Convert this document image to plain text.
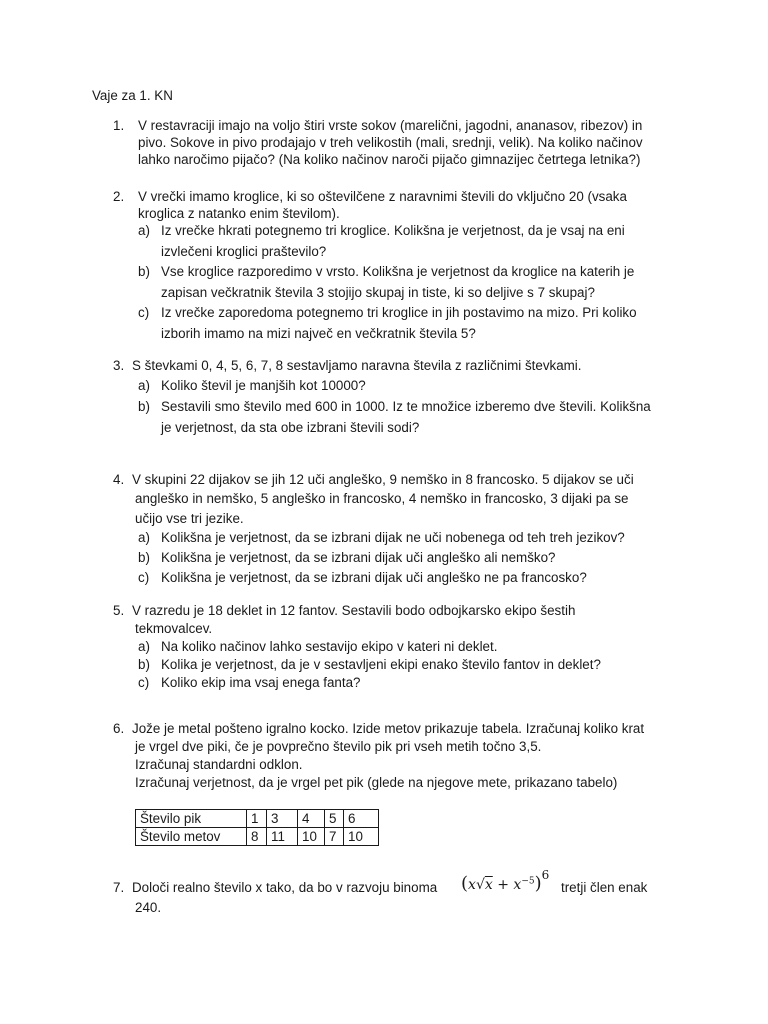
Vaje za 1. KN
1. V restavraciji imajo na voljo štiri vrste sokov (marelični, jagodni, ananasov, ribezov) in
pivo. Sokove in pivo prodajajo v treh velikostih (mali, srednji, velik). Na koliko načinov
lahko naročimo pijačo? (Na koliko načinov naroči pijačo gimnazijec četrtega letnika?)
2. V vrečki imamo kroglice, ki so oštevilčene z naravnimi števili do vključno 20 (vsaka
kroglica z natanko enim številom).
a) Iz vrečke hkrati potegnemo tri kroglice. Kolikšna je verjetnost, da je vsaj na eni
izvlečeni kroglici praštevilo?
b) Vse kroglice razporedimo v vrsto. Kolikšna je verjetnost da kroglice na katerih je
zapisan večkratnik števila 3 stojijo skupaj in tiste, ki so deljive s 7 skupaj?
c) Iz vrečke zaporedoma potegnemo tri kroglice in jih postavimo na mizo. Pri koliko
izborih imamo na mizi največ en večkratnik števila 5?
3. S števkami 0, 4, 5, 6, 7, 8 sestavljamo naravna števila z različnimi števkami.
a) Koliko števil je manjših kot 10000?
b) Sestavili smo število med 600 in 1000. Iz te množice izberemo dve števili. Kolikšna
je verjetnost, da sta obe izbrani števili sodi?
4. V skupini 22 dijakov se jih 12 uči angleško, 9 nemško in 8 francosko. 5 dijakov se uči
angleško in nemško, 5 angleško in francosko, 4 nemško in francosko, 3 dijaki pa se
učijo vse tri jezike.
a) Kolikšna je verjetnost, da se izbrani dijak ne uči nobenega od teh treh jezikov?
b) Kolikšna je verjetnost, da se izbrani dijak uči angleško ali nemško?
c) Kolikšna je verjetnost, da se izbrani dijak uči angleško ne pa francosko?
5. V razredu je 18 deklet in 12 fantov. Sestavili bodo odbojkarsko ekipo šestih
tekmovalcev.
a) Na koliko načinov lahko sestavijo ekipo v kateri ni deklet.
b) Kolika je verjetnost, da je v sestavljeni ekipi enako število fantov in deklet?
c) Koliko ekip ima vsaj enega fanta?
6. Jože je metal pošteno igralno kocko. Izide metov prikazuje tabela. Izračunaj koliko krat
je vrgel dve piki, če je povprečno število pik pri vseh metih točno 3,5.
Izračunaj standardni odklon.
Izračunaj verjetnost, da je vrgel pet pik (glede na njegove mete, prikazano tabelo)
Število pik	1	3	4	5	6
Število metov	8	11	10	7	10
7. Določi realno število x tako, da bo v razvoju binoma $(x√x + x^{-5})6$
tretji člen enak
240.
